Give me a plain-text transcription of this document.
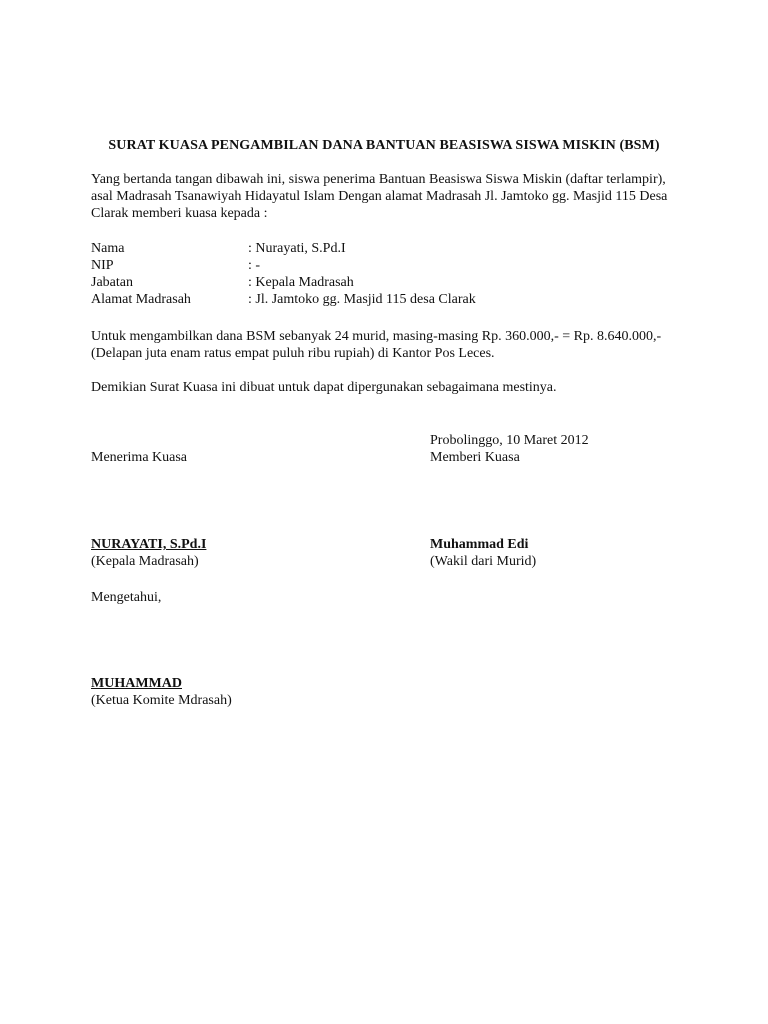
SURAT KUASA PENGAMBILAN DANA BANTUAN BEASISWA SISWA MISKIN (BSM)
Yang bertanda tangan dibawah ini, siswa penerima Bantuan Beasiswa Siswa Miskin (daftar terlampir),
asal Madrasah Tsanawiyah Hidayatul Islam Dengan alamat Madrasah Jl. Jamtoko gg. Masjid 115 Desa
Clarak memberi kuasa kepada :
Nama	: Nurayati, S.Pd.I
NIP	: -
Jabatan	: Kepala Madrasah
Alamat Madrasah	: Jl. Jamtoko gg. Masjid 115 desa Clarak
Untuk mengambilkan dana BSM sebanyak 24 murid, masing-masing Rp. 360.000,- = Rp. 8.640.000,-
(Delapan juta enam ratus empat puluh ribu rupiah) di Kantor Pos Leces.
Demikian Surat Kuasa ini dibuat untuk dapat dipergunakan sebagaimana mestinya.
Probolinggo, 10 Maret 2012
Menerima Kuasa	Memberi Kuasa
NURAYATI, S.Pd.I
(Kepala Madrasah)
Muhammad Edi
(Wakil dari Murid)
Mengetahui,
MUHAMMAD
(Ketua Komite Mdrasah)
